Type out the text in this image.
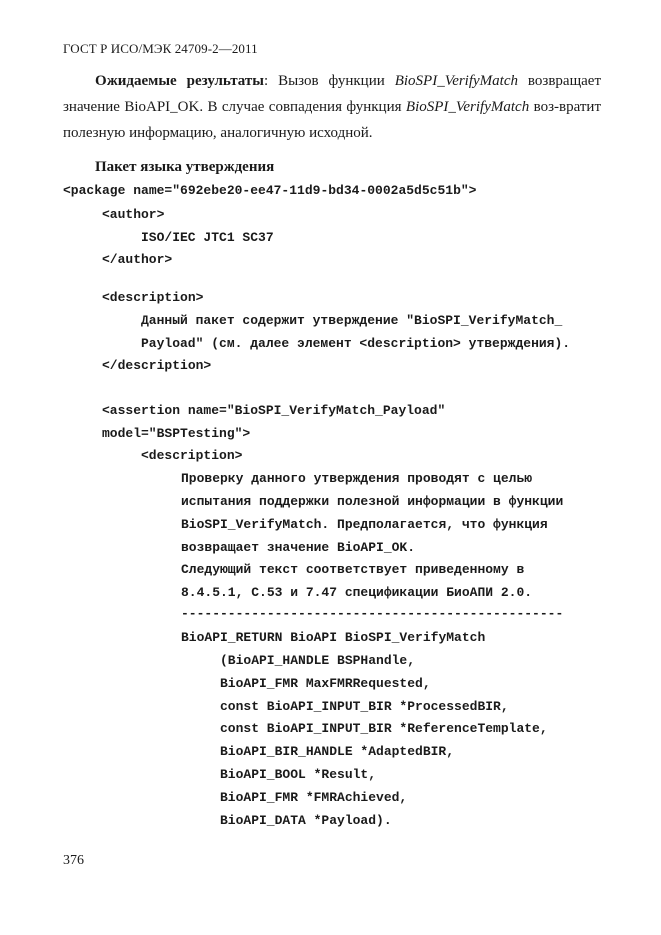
ГОСТ Р ИСО/МЭК 24709-2—2011
Ожидаемые результаты: Вызов функции BioSPI_VerifyMatch возвращает значение BioAPI_OK. В случае совпадения функция BioSPI_VerifyMatch воз-вратит полезную информацию, аналогичную исходной.
Пакет языка утверждения
<package name="692ebe20-ee47-11d9-bd34-0002a5d5c51b">
<author>
ISO/IEC JTC1 SC37
</author>
<description>
Данный пакет содержит утверждение "BioSPI_VerifyMatch_
Payload" (см. далее элемент <description> утверждения).
</description>
<assertion name="BioSPI_VerifyMatch_Payload"
model="BSPTesting">
<description>
Проверку данного утверждения проводят с целью
испытания поддержки полезной информации в функции
BioSPI_VerifyMatch. Предполагается, что функция
возвращает значение BioAPI_OK.
Следующий текст соответствует приведенному в
8.4.5.1, C.53 и 7.47 спецификации БиоАПИ 2.0.
-------------------------------------------------
BioAPI_RETURN BioAPI BioSPI_VerifyMatch
(BioAPI_HANDLE BSPHandle,
BioAPI_FMR MaxFMRRequested,
const BioAPI_INPUT_BIR *ProcessedBIR,
const BioAPI_INPUT_BIR *ReferenceTemplate,
BioAPI_BIR_HANDLE *AdaptedBIR,
BioAPI_BOOL *Result,
BioAPI_FMR *FMRAchieved,
BioAPI_DATA *Payload).
376
